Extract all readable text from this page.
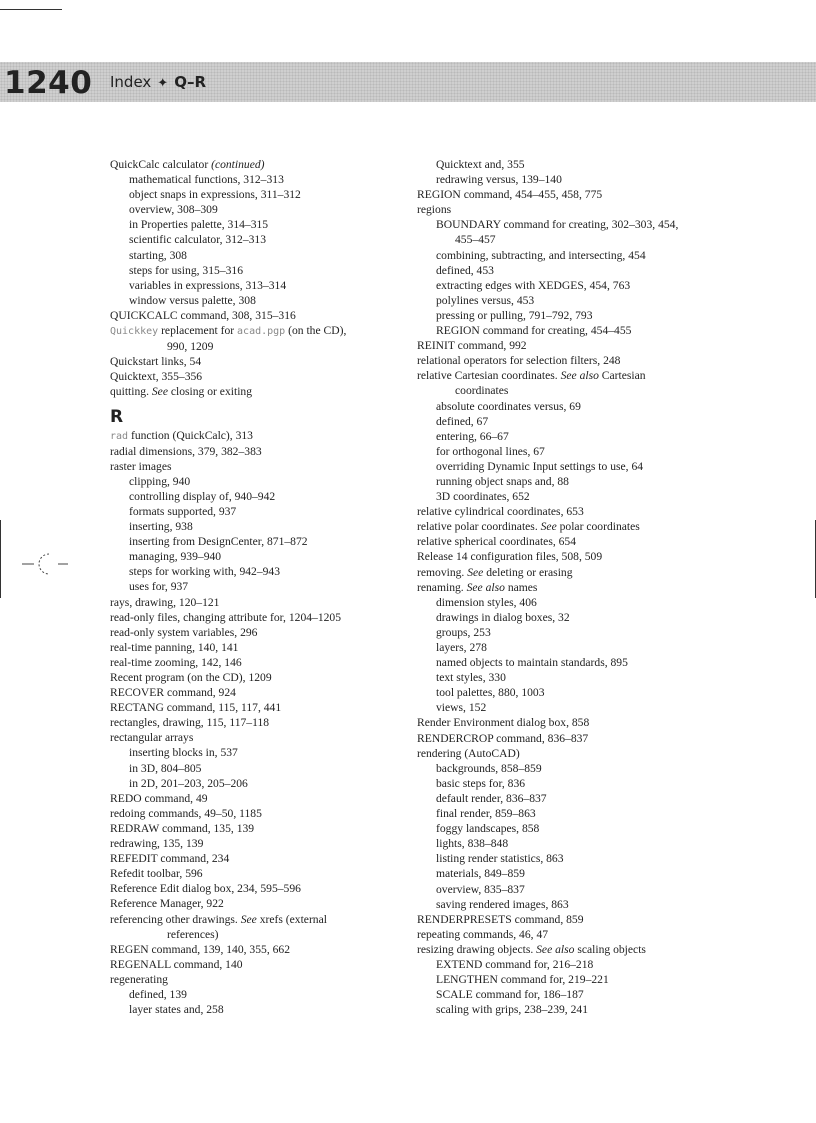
1240 Index ✦ Q–R
QuickCalc calculator (continued)
mathematical functions, 312–313
object snaps in expressions, 311–312
overview, 308–309
in Properties palette, 314–315
scientific calculator, 312–313
starting, 308
steps for using, 315–316
variables in expressions, 313–314
window versus palette, 308
QUICKCALC command, 308, 315–316
Quickkey replacement for acad.pgp (on the CD),
990, 1209
Quickstart links, 54
Quicktext, 355–356
quitting. See closing or exiting
R
rad function (QuickCalc), 313
radial dimensions, 379, 382–383
raster images
clipping, 940
controlling display of, 940–942
formats supported, 937
inserting, 938
inserting from DesignCenter, 871–872
managing, 939–940
steps for working with, 942–943
uses for, 937
rays, drawing, 120–121
read-only files, changing attribute for, 1204–1205
read-only system variables, 296
real-time panning, 140, 141
real-time zooming, 142, 146
Recent program (on the CD), 1209
RECOVER command, 924
RECTANG command, 115, 117, 441
rectangles, drawing, 115, 117–118
rectangular arrays
inserting blocks in, 537
in 3D, 804–805
in 2D, 201–203, 205–206
REDO command, 49
redoing commands, 49–50, 1185
REDRAW command, 135, 139
redrawing, 135, 139
REFEDIT command, 234
Refedit toolbar, 596
Reference Edit dialog box, 234, 595–596
Reference Manager, 922
referencing other drawings. See xrefs (external
references)
REGEN command, 139, 140, 355, 662
REGENALL command, 140
regenerating
defined, 139
layer states and, 258
Quicktext and, 355
redrawing versus, 139–140
REGION command, 454–455, 458, 775
regions
BOUNDARY command for creating, 302–303, 454,
455–457
combining, subtracting, and intersecting, 454
defined, 453
extracting edges with XEDGES, 454, 763
polylines versus, 453
pressing or pulling, 791–792, 793
REGION command for creating, 454–455
REINIT command, 992
relational operators for selection filters, 248
relative Cartesian coordinates. See also Cartesian
coordinates
absolute coordinates versus, 69
defined, 67
entering, 66–67
for orthogonal lines, 67
overriding Dynamic Input settings to use, 64
running object snaps and, 88
3D coordinates, 652
relative cylindrical coordinates, 653
relative polar coordinates. See polar coordinates
relative spherical coordinates, 654
Release 14 configuration files, 508, 509
removing. See deleting or erasing
renaming. See also names
dimension styles, 406
drawings in dialog boxes, 32
groups, 253
layers, 278
named objects to maintain standards, 895
text styles, 330
tool palettes, 880, 1003
views, 152
Render Environment dialog box, 858
RENDERCROP command, 836–837
rendering (AutoCAD)
backgrounds, 858–859
basic steps for, 836
default render, 836–837
final render, 859–863
foggy landscapes, 858
lights, 838–848
listing render statistics, 863
materials, 849–859
overview, 835–837
saving rendered images, 863
RENDERPRESETS command, 859
repeating commands, 46, 47
resizing drawing objects. See also scaling objects
EXTEND command for, 216–218
LENGTHEN command for, 219–221
SCALE command for, 186–187
scaling with grips, 238–239, 241
